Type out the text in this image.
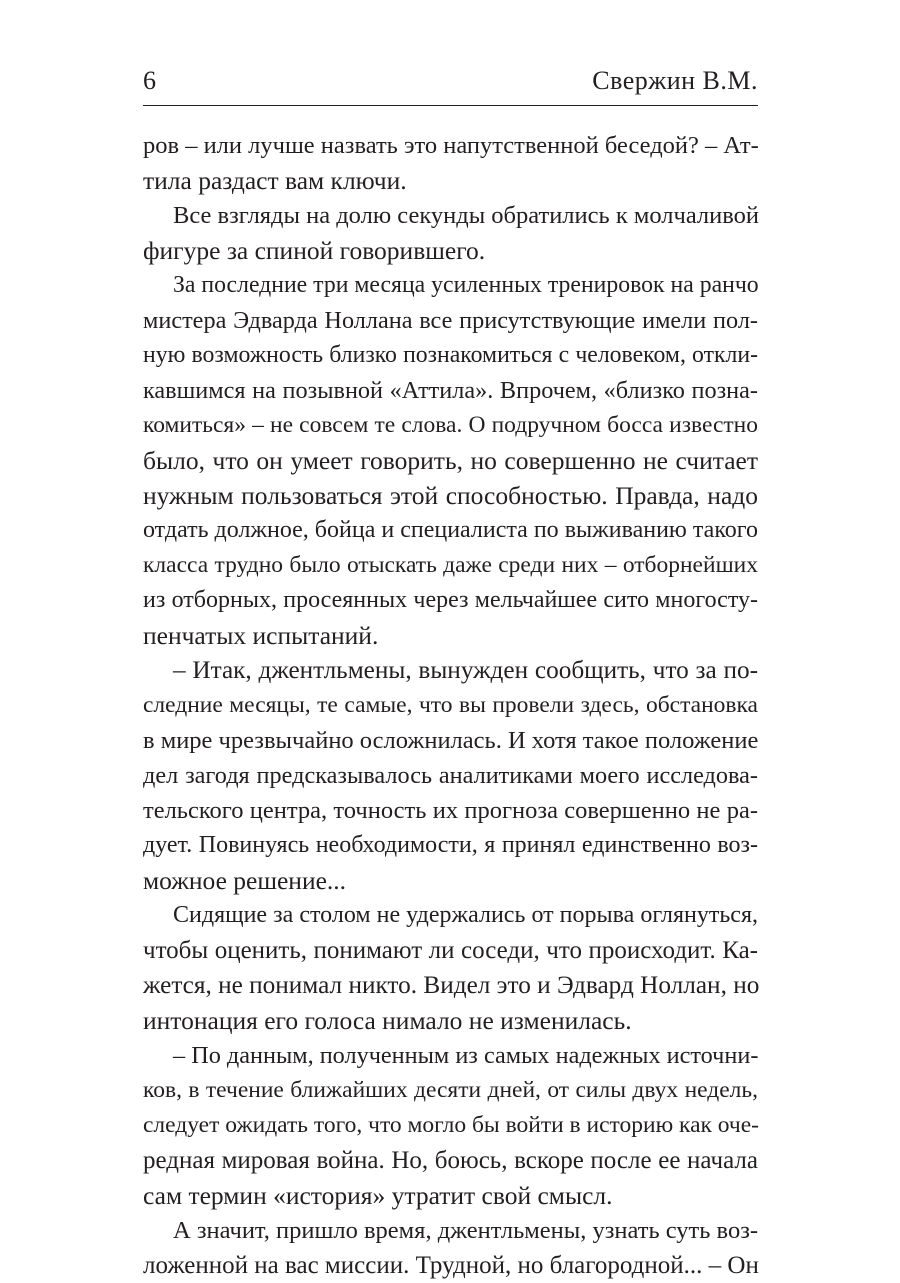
6	Свержин В.М.
ров – или лучше назвать это напутственной беседой? – Ат-
тила раздаст вам ключи.
Все взгляды на долю секунды обратились к молчаливой
фигуре за спиной говорившего.
За последние три месяца усиленных тренировок на ранчо
мистера Эдварда Ноллана все присутствующие имели пол-
ную возможность близко познакомиться с человеком, откли-
кавшимся на позывной «Аттила». Впрочем, «близко позна-
комиться» – не совсем те слова. О подручном босса известно
было, что он умеет говорить, но совершенно не считает
нужным пользоваться этой способностью. Правда, надо
отдать должное, бойца и специалиста по выживанию такого
класса трудно было отыскать даже среди них – отборнейших
из отборных, просеянных через мельчайшее сито многосту-
пенчатых испытаний.
– Итак, джентльмены, вынужден сообщить, что за по-
следние месяцы, те самые, что вы провели здесь, обстановка
в мире чрезвычайно осложнилась. И хотя такое положение
дел загодя предсказывалось аналитиками моего исследова-
тельского центра, точность их прогноза совершенно не ра-
дует. Повинуясь необходимости, я принял единственно воз-
можное решение...
Сидящие за столом не удержались от порыва оглянуться,
чтобы оценить, понимают ли соседи, что происходит. Ка-
жется, не понимал никто. Видел это и Эдвард Ноллан, но
интонация его голоса нимало не изменилась.
– По данным, полученным из самых надежных источни-
ков, в течение ближайших десяти дней, от силы двух недель,
следует ожидать того, что могло бы войти в историю как оче-
редная мировая война. Но, боюсь, вскоре после ее начала
сам термин «история» утратит свой смысл.
А значит, пришло время, джентльмены, узнать суть воз-
ложенной на вас миссии. Трудной, но благородной... – Он
